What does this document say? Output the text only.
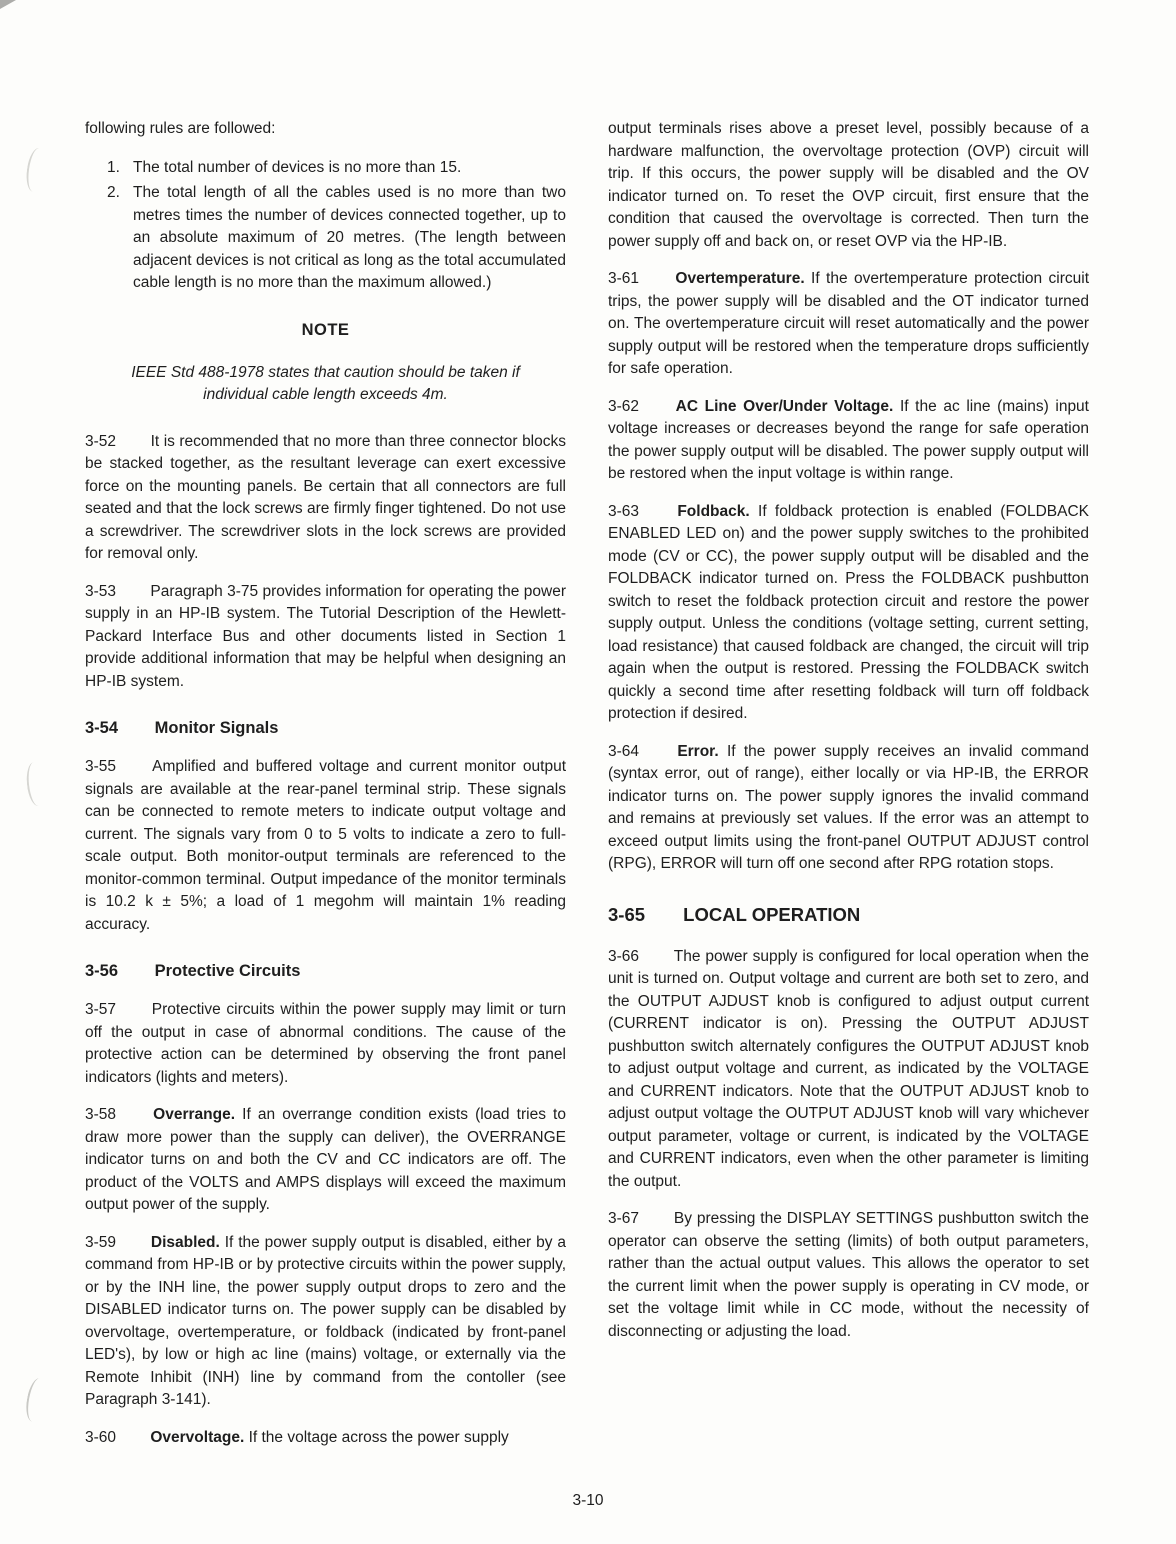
following rules are followed:

1. The total number of devices is no more than 15.
2. The total length of all the cables used is no more than two metres times the number of devices connected together, up to an absolute maximum of 20 metres. (The length between adjacent devices is not critical as long as the total accumulated cable length is no more than the maximum allowed.)
NOTE
IEEE Std 488-1978 states that caution should be taken if individual cable length exceeds 4m.

3-52 It is recommended that no more than three connector blocks be stacked together, as the resultant leverage can exert excessive force on the mounting panels. Be certain that all connectors are full seated and that the lock screws are firmly finger tightened. Do not use a screwdriver. The screwdriver slots in the lock screws are provided for removal only.

3-53 Paragraph 3-75 provides information for operating the power supply in an HP-IB system. The Tutorial Description of the Hewlett-Packard Interface Bus and other documents listed in Section 1 provide additional information that may be helpful when designing an HP-IB system.

3-54 Monitor Signals

3-55 Amplified and buffered voltage and current monitor output signals are available at the rear-panel terminal strip. These signals can be connected to remote meters to indicate output voltage and current. The signals vary from 0 to 5 volts to indicate a zero to full-scale output. Both monitor-output terminals are referenced to the monitor-common terminal. Output impedance of the monitor terminals is 10.2 k ± 5%; a load of 1 megohm will maintain 1% reading accuracy.

3-56 Protective Circuits

3-57 Protective circuits within the power supply may limit or turn off the output in case of abnormal conditions. The cause of the protective action can be determined by observing the front panel indicators (lights and meters).

3-58 Overrange. If an overrange condition exists (load tries to draw more power than the supply can deliver), the OVERRANGE indicator turns on and both the CV and CC indicators are off. The product of the VOLTS and AMPS displays will exceed the maximum output power of the supply.

3-59 Disabled. If the power supply output is disabled, either by a command from HP-IB or by protective circuits within the power supply, or by the INH line, the power supply output drops to zero and the DISABLED indicator turns on. The power supply can be disabled by overvoltage, overtemperature, or foldback (indicated by front-panel LED's), by low or high ac line (mains) voltage, or externally via the Remote Inhibit (INH) line by command from the contoller (see Paragraph 3-141).

3-60 Overvoltage. If the voltage across the power supply

output terminals rises above a preset level, possibly because of a hardware malfunction, the overvoltage protection (OVP) circuit will trip. If this occurs, the power supply will be disabled and the OV indicator turned on. To reset the OVP circuit, first ensure that the condition that caused the overvoltage is corrected. Then turn the power supply off and back on, or reset OVP via the HP-IB.

3-61 Overtemperature. If the overtemperature protection circuit trips, the power supply will be disabled and the OT indicator turned on. The overtemperature circuit will reset automatically and the power supply output will be restored when the temperature drops sufficiently for safe operation.

3-62 AC Line Over/Under Voltage. If the ac line (mains) input voltage increases or decreases beyond the range for safe operation the power supply output will be disabled. The power supply output will be restored when the input voltage is within range.

3-63 Foldback. If foldback protection is enabled (FOLDBACK ENABLED LED on) and the power supply switches to the prohibited mode (CV or CC), the power supply output will be disabled and the FOLDBACK indicator turned on. Press the FOLDBACK pushbutton switch to reset the foldback protection circuit and restore the power supply output. Unless the conditions (voltage setting, current setting, load resistance) that caused foldback are changed, the circuit will trip again when the output is restored. Pressing the FOLDBACK switch quickly a second time after resetting foldback will turn off foldback protection if desired.

3-64 Error. If the power supply receives an invalid command (syntax error, out of range), either locally or via HP-IB, the ERROR indicator turns on. The power supply ignores the invalid command and remains at previously set values. If the error was an attempt to exceed output limits using the front-panel OUTPUT ADJUST control (RPG), ERROR will turn off one second after RPG rotation stops.

3-65 LOCAL OPERATION

3-66 The power supply is configured for local operation when the unit is turned on. Output voltage and current are both set to zero, and the OUTPUT AJDUST knob is configured to adjust output current (CURRENT indicator is on). Pressing the OUTPUT ADJUST pushbutton switch alternately configures the OUTPUT ADJUST knob to adjust output voltage and current, as indicated by the VOLTAGE and CURRENT indicators. Note that the OUTPUT ADJUST knob to adjust output voltage the OUTPUT ADJUST knob will vary whichever output parameter, voltage or current, is indicated by the VOLTAGE and CURRENT indicators, even when the other parameter is limiting the output.

3-67 By pressing the DISPLAY SETTINGS pushbutton switch the operator can observe the setting (limits) of both output parameters, rather than the actual output values. This allows the operator to set the current limit when the power supply is operating in CV mode, or set the voltage limit while in CC mode, without the necessity of disconnecting or adjusting the load.

3-10
